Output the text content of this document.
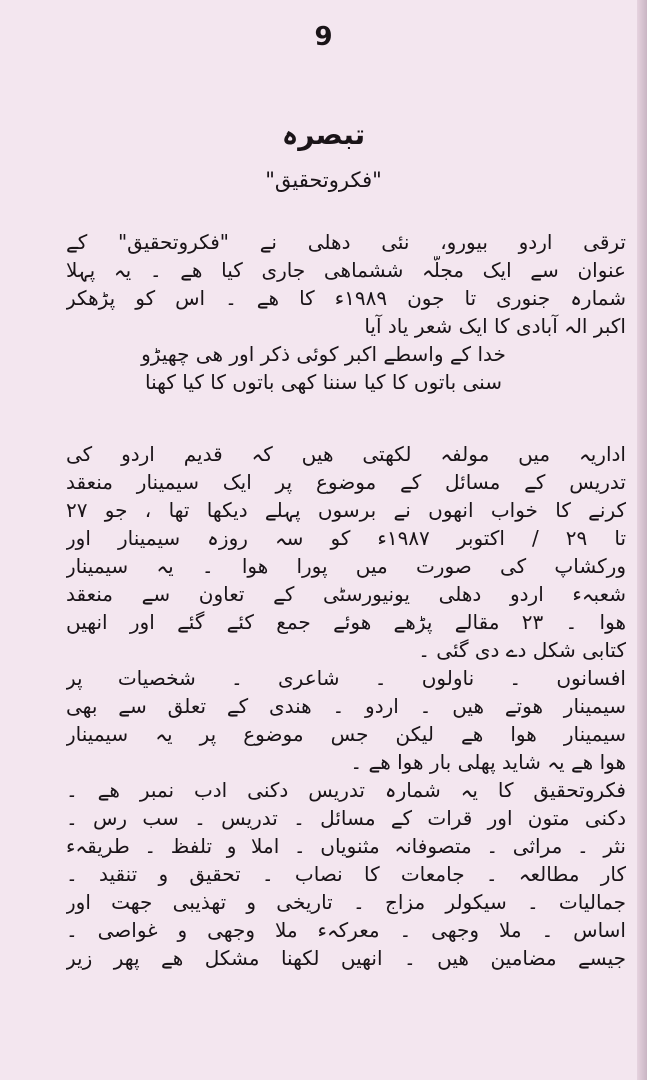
9
تبصرہ
"فکروتحقیق"
ترقی اردو بیورو، نئی دھلی نے "فکروتحقیق" کے
عنوان سے ایک مجلّہ ششماھی جاری کیا ھے ۔ یہ پہلا
شمارہ جنوری تا جون ۱۹۸۹ء کا ھے ۔ اس کو پڑھکر
اکبر الہ آبادی کا ایک شعر یاد آیا
خدا کے واسطے اکبر کوئی ذکر اور ھی چھیڑو
سنی باتوں کا کیا سننا کھی باتوں کا کیا کھنا
اداریہ میں مولفہ لکھتی ھیں کہ قدیم اردو کی
تدریس کے مسائل کے موضوع پر ایک سیمینار منعقد
کرنے کا خواب انھوں نے برسوں پہلے دیکھا تھا ، جو ۲۷
تا ۲۹ / اکتوبر ۱۹۸۷ء کو سہ روزہ سیمینار اور
ورکشاپ کی صورت میں پورا ھوا ۔ یہ سیمینار
شعبہء اردو دھلی یونیورسٹی کے تعاون سے منعقد
ھوا ۔ ۲۳ مقالے پڑھے ھوئے جمع کئے گئے اور انھیں
کتابی شکل دے دی گئی ۔
افسانوں ۔ ناولوں ۔ شاعری ۔ شخصیات پر
سیمینار ھوتے ھیں ۔ اردو ۔ ھندی کے تعلق سے بھی
سیمینار ھوا ھے لیکن جس موضوع پر یہ سیمینار
ھوا ھے یہ شاید پھلی بار ھوا ھے ۔
فکروتحقیق کا یہ شمارہ تدریس دکنی ادب نمبر ھے ۔
دکنی متون اور قرات کے مسائل ۔ تدریس ۔ سب رس ۔
نثر ۔ مراثی ۔ متصوفانہ مثنویاں ۔ املا و تلفظ ۔ طریقہء
کار مطالعہ ۔ جامعات کا نصاب ۔ تحقیق و تنقید ۔
جمالیات ۔ سیکولر مزاج ۔ تاریخی و تھذیبی جھت اور
اساس ۔ ملا وجھی ۔ معرکہء ملا وجھی و غواصی ۔
جیسے مضامین ھیں ۔ انھیں لکھنا مشکل ھے پھر زیر
